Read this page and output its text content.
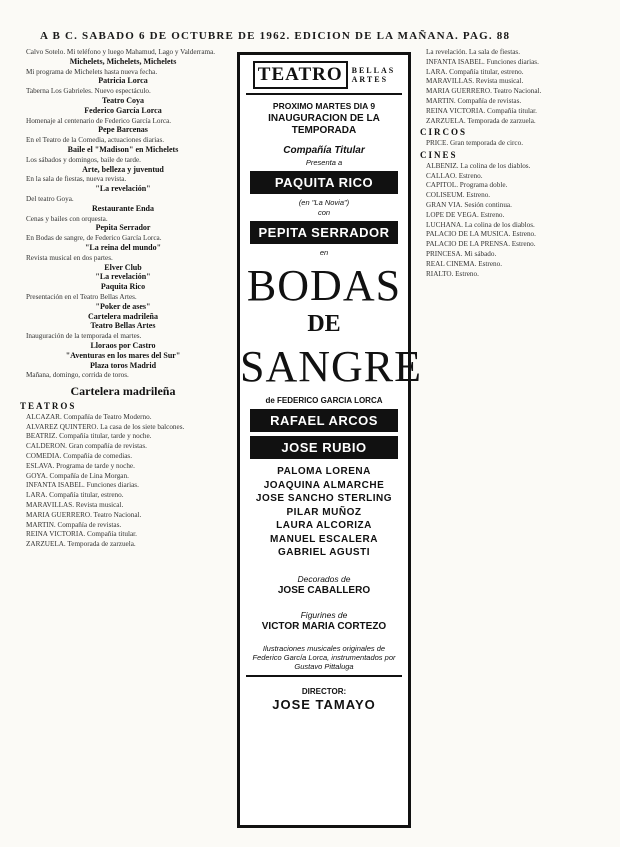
A B C. SABADO 6 DE OCTUBRE DE 1962. EDICION DE LA MAÑANA. PAG. 88

Calvo Sotelo. Mi teléfono y luego Mahamud, Lago y Valderrama.

Michelets, Michelets, Michelets

Mi programa de Michelets hasta nueva fecha.

Patricia Lorca

Taberna Los Gabrieles. Nuevo espectáculo.

Teatro Coya

Federico García Lorca

Homenaje al centenario de Federico García Lorca.

Pepe Barcenas

En el Teatro de la Comedia, actuaciones diarias.

Baile el "Madison" en Michelets

Los sábados y domingos, baile de tarde.

Arte, belleza y juventud

En la sala de fiestas, nueva revista.

"La revelación"

Del teatro Goya.

Restaurante Enda

Cenas y bailes con orquesta.

Pepita Serrador

En Bodas de sangre, de Federico García Lorca.

"La reina del mundo"

Revista musical en dos partes.

Elver Club

"La revelación"

Paquita Rico

Presentación en el Teatro Bellas Artes.

"Poker de ases"

Cartelera madrileña

Teatro Bellas Artes

Inauguración de la temporada el martes.

Lloraos por Castro

"Aventuras en los mares del Sur"

Plaza toros Madrid

Mañana, domingo, corrida de toros.

Cartelera madrileña

TEATROS

ALCAZAR. Compañía de Teatro Moderno.

ALVAREZ QUINTERO. La casa de los siete balcones.

BEATRIZ. Compañía titular, tarde y noche.

CALDERON. Gran compañía de revistas.

COMEDIA. Compañía de comedias.

ESLAVA. Programa de tarde y noche.

GOYA. Compañía de Lina Morgan.

INFANTA ISABEL. Funciones diarias.

LARA. Compañía titular, estreno.

MARAVILLAS. Revista musical.

MARIA GUERRERO. Teatro Nacional.

MARTIN. Compañía de revistas.

REINA VICTORIA. Compañía titular.

ZARZUELA. Temporada de zarzuela.

TEATRO	BELLAS
ARTES
PROXIMO MARTES DIA 9
INAUGURACION DE LA TEMPORADA
Compañía Titular
Presenta a
PAQUITA RICO
(en "La Novia")
con
PEPITA SERRADOR
en
BODAS
DE
SANGRE
de FEDERICO GARCIA LORCA
RAFAEL ARCOS
JOSE RUBIO
PALOMA LORENA
JOAQUINA ALMARCHE
JOSE SANCHO STERLING
PILAR MUÑOZ
LAURA ALCORIZA
MANUEL ESCALERA
GABRIEL AGUSTI
Decorados de
JOSE CABALLERO
Figurines de
VICTOR MARIA CORTEZO
Ilustraciones musicales originales de Federico García Lorca, instrumentados por Gustavo Pittaluga
DIRECTOR:
JOSE TAMAYO

La revelación. La sala de fiestas.

INFANTA ISABEL. Funciones diarias.

LARA. Compañía titular, estreno.

MARAVILLAS. Revista musical.

MARIA GUERRERO. Teatro Nacional.

MARTIN. Compañía de revistas.

REINA VICTORIA. Compañía titular.

ZARZUELA. Temporada de zarzuela.

CIRCOS

PRICE. Gran temporada de circo.

CINES

ALBENIZ. La colina de los diablos.

CALLAO. Estreno.

CAPITOL. Programa doble.

COLISEUM. Estreno.

GRAN VIA. Sesión continua.

LOPE DE VEGA. Estreno.

LUCHANA. La colina de los diablos.

PALACIO DE LA MUSICA. Estreno.

PALACIO DE LA PRENSA. Estreno.

PRINCESA. Mi sábado.

REAL CINEMA. Estreno.

RIALTO. Estreno.
